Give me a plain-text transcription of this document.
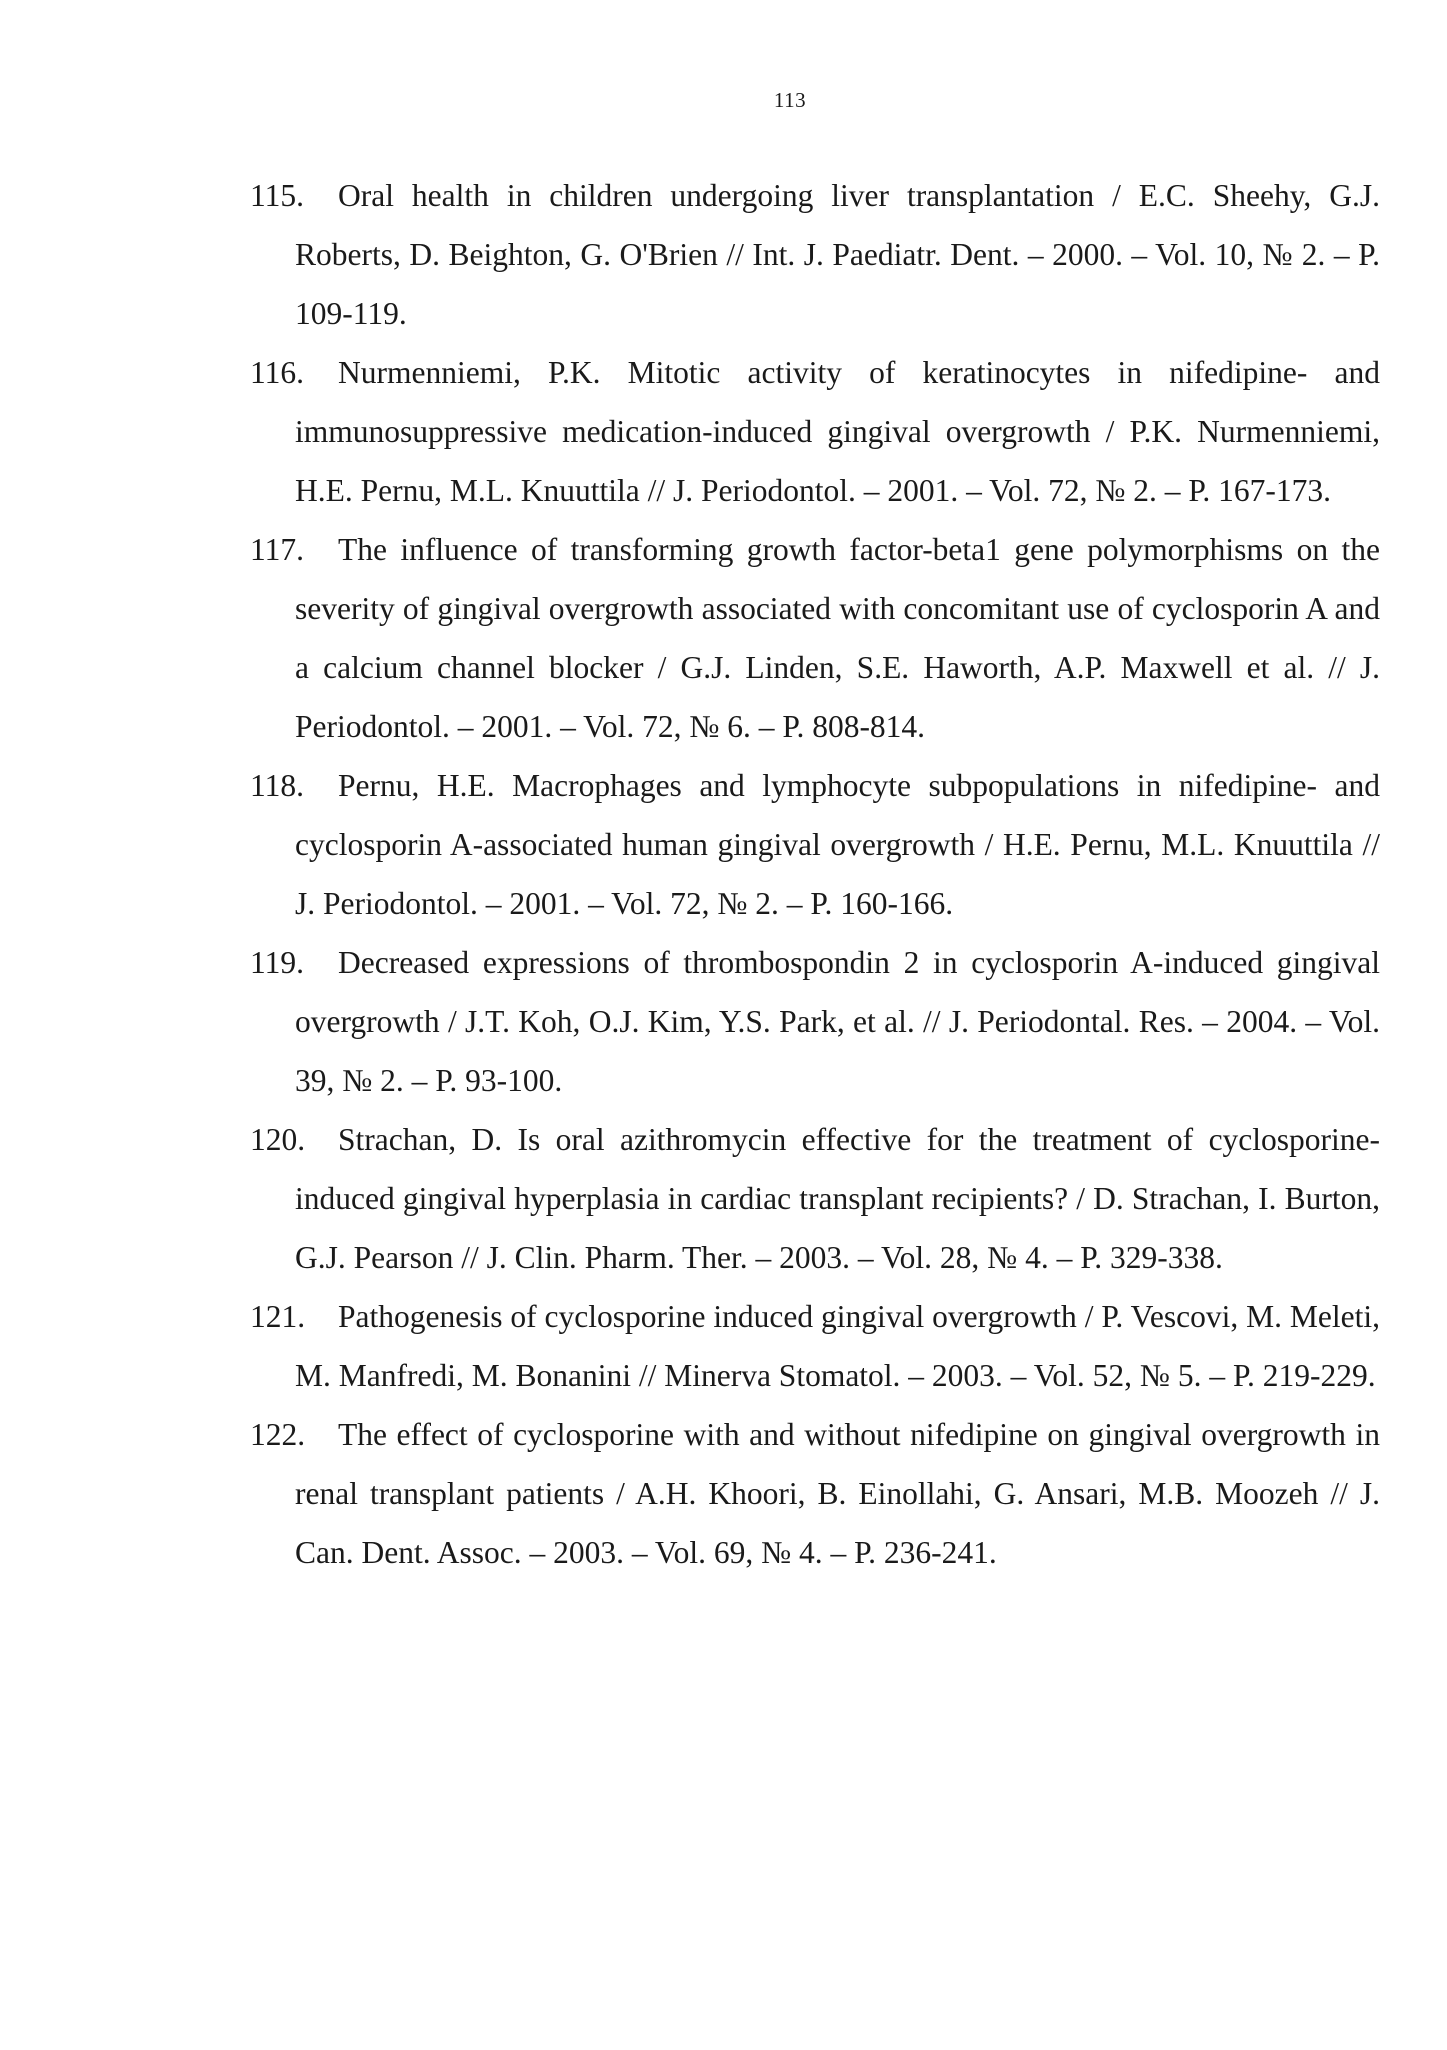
113
115. Oral health in children undergoing liver transplantation / E.C. Sheehy, G.J. Roberts, D. Beighton, G. O'Brien // Int. J. Paediatr. Dent. – 2000. – Vol. 10, № 2. – P. 109-119.
116. Nurmenniemi, P.K. Mitotic activity of keratinocytes in nifedipine- and immunosuppressive medication-induced gingival overgrowth / P.K. Nurmenniemi, H.E. Pernu, M.L. Knuuttila // J. Periodontol. – 2001. – Vol. 72, № 2. – P. 167-173.
117. The influence of transforming growth factor-beta1 gene polymorphisms on the severity of gingival overgrowth associated with concomitant use of cyclosporin A and a calcium channel blocker / G.J. Linden, S.E. Haworth, A.P. Maxwell et al. // J. Periodontol. – 2001. – Vol. 72, № 6. – P. 808-814.
118. Pernu, H.E. Macrophages and lymphocyte subpopulations in nifedipine- and cyclosporin A-associated human gingival overgrowth / H.E. Pernu, M.L. Knuuttila // J. Periodontol. – 2001. – Vol. 72, № 2. – P. 160-166.
119. Decreased expressions of thrombospondin 2 in cyclosporin A-induced gingival overgrowth / J.T. Koh, O.J. Kim, Y.S. Park, et al. // J. Periodontal. Res. – 2004. – Vol. 39, № 2. – P. 93-100.
120. Strachan, D. Is oral azithromycin effective for the treatment of cyclosporine-induced gingival hyperplasia in cardiac transplant recipients? / D. Strachan, I. Burton, G.J. Pearson // J. Clin. Pharm. Ther. – 2003. – Vol. 28, № 4. – P. 329-338.
121. Pathogenesis of cyclosporine induced gingival overgrowth / P. Vescovi, M. Meleti, M. Manfredi, M. Bonanini // Minerva Stomatol. – 2003. – Vol. 52, № 5. – P. 219-229.
122. The effect of cyclosporine with and without nifedipine on gingival overgrowth in renal transplant patients / A.H. Khoori, B. Einollahi, G. Ansari, M.B. Moozeh // J. Can. Dent. Assoc. – 2003. – Vol. 69, № 4. – P. 236-241.
